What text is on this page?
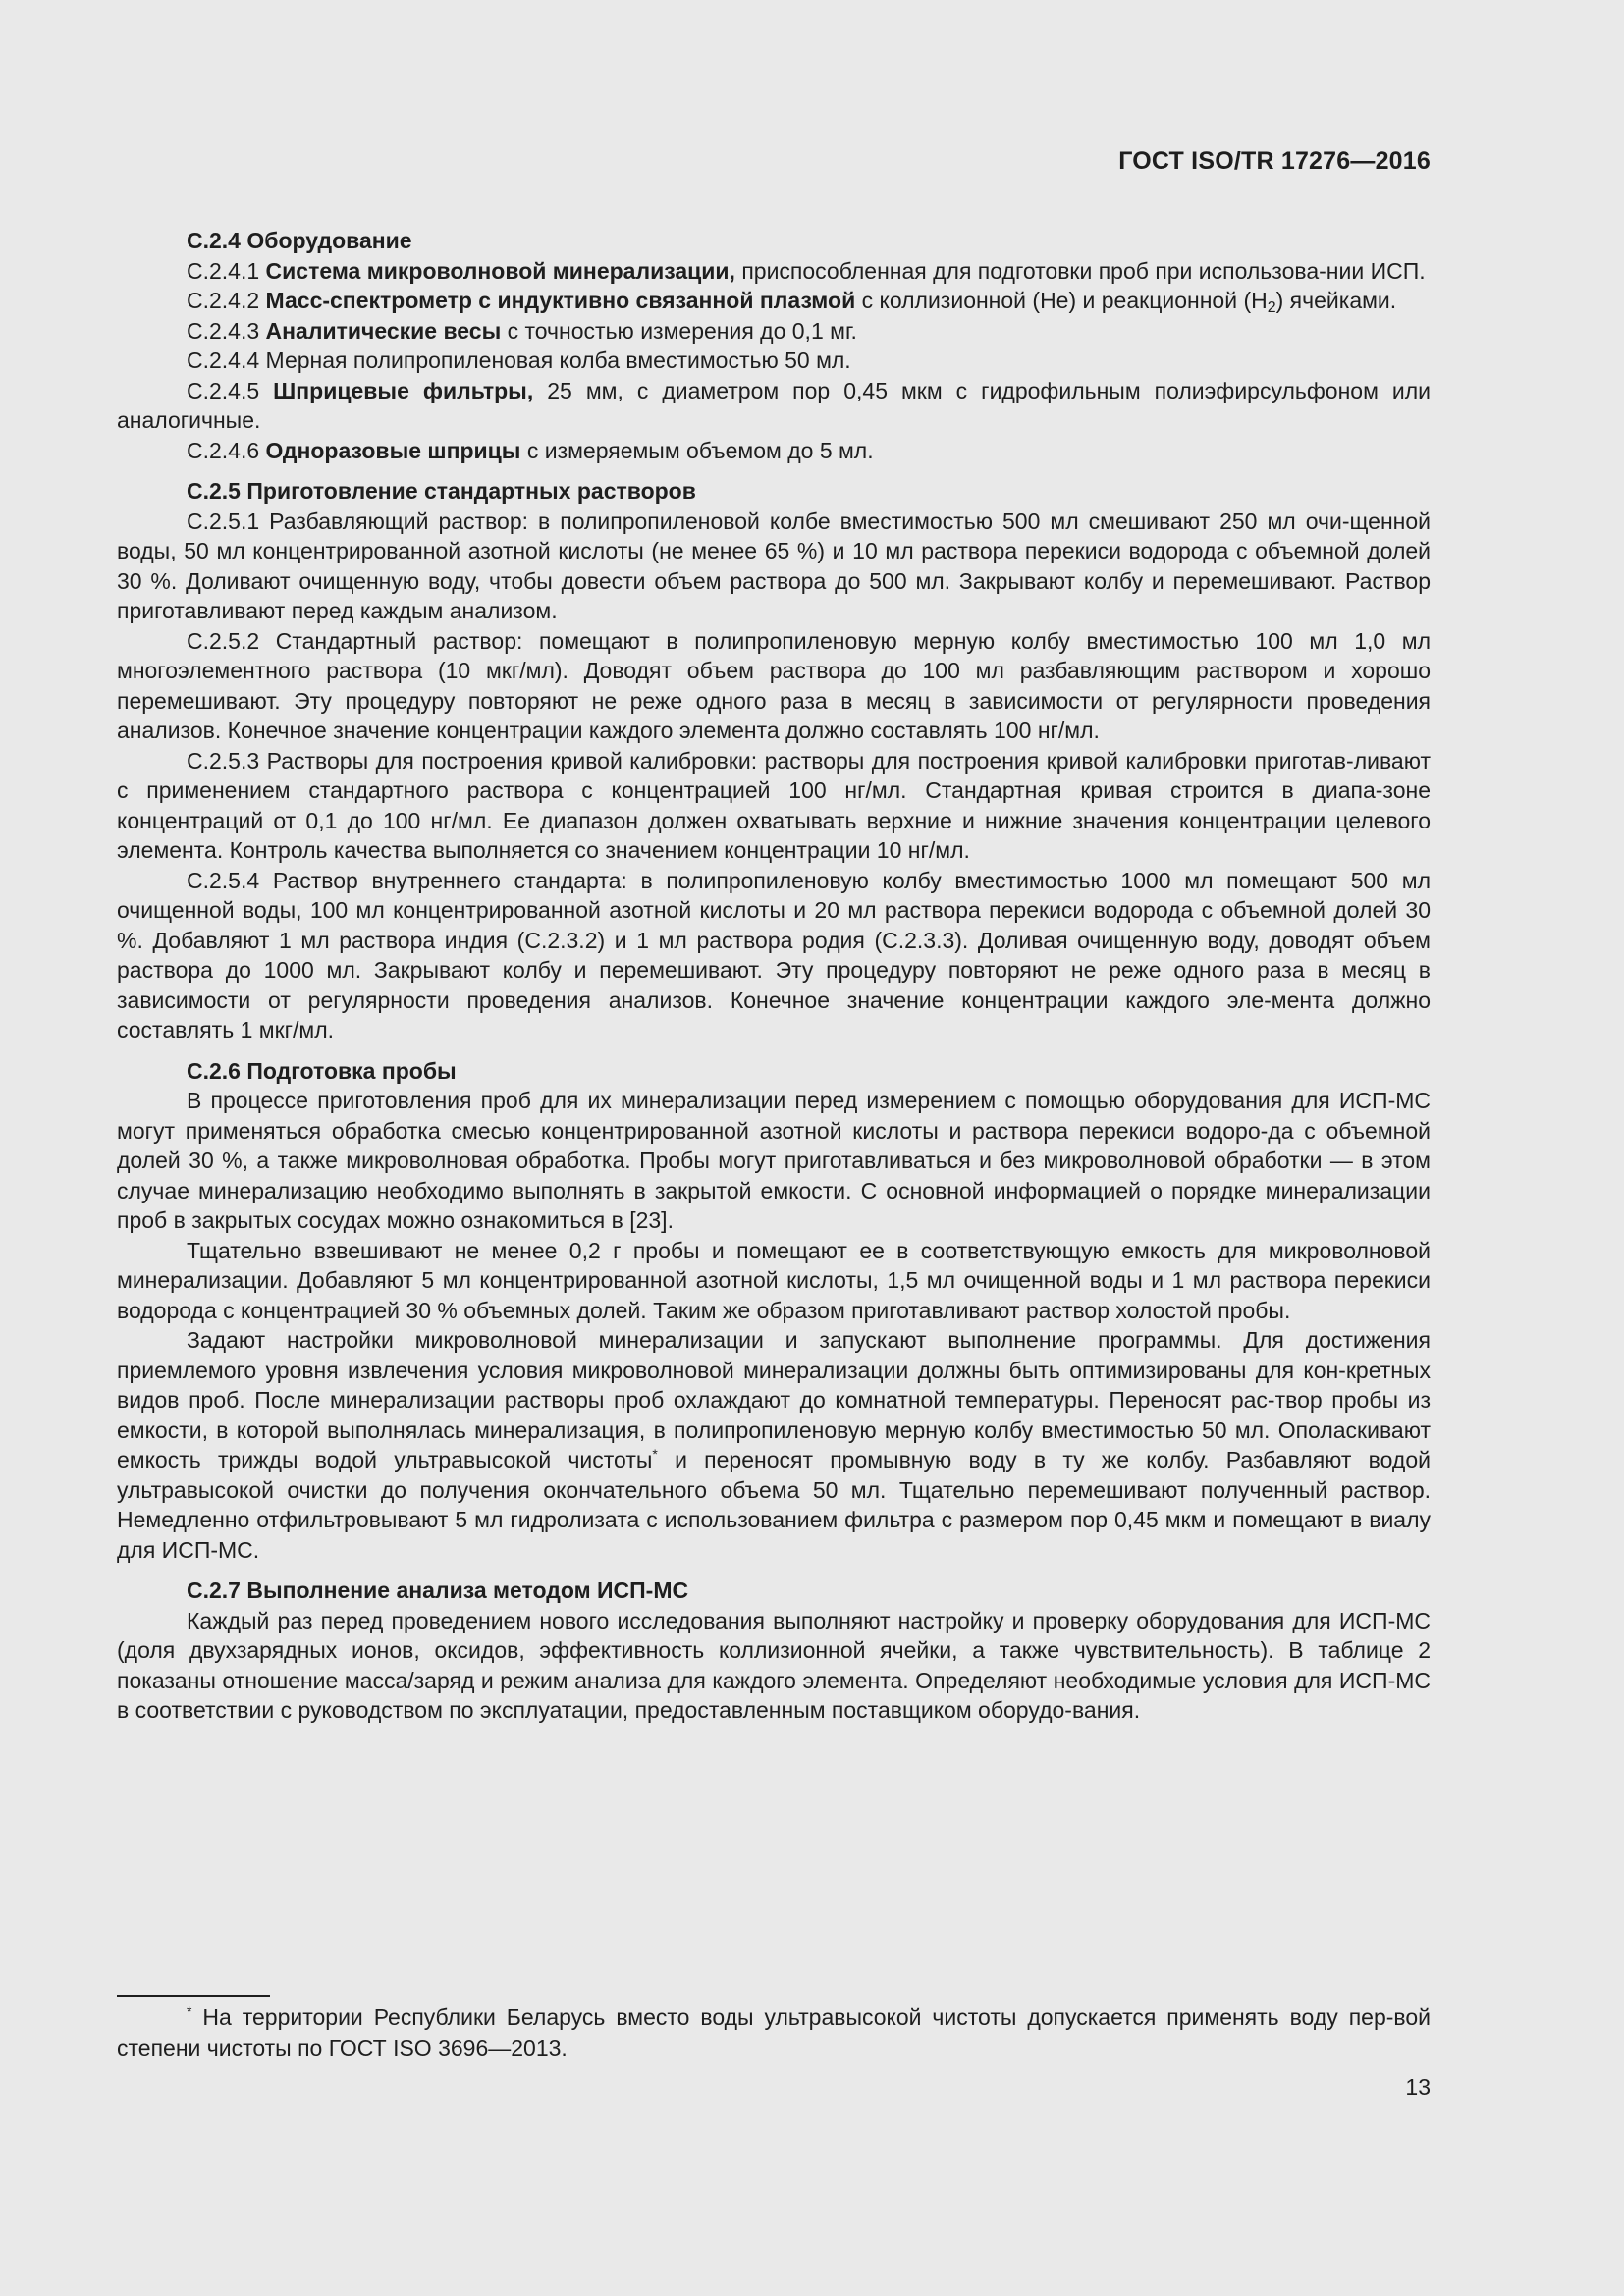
ГОСТ ISO/TR 17276—2016
C.2.4 Оборудование

C.2.4.1 Система микроволновой минерализации, приспособленная для подготовки проб при использова-нии ИСП.

C.2.4.2 Масс-спектрометр с индуктивно связанной плазмой с коллизионной (Не) и реакционной $(H_2)$ ячейками.

C.2.4.3 Аналитические весы с точностью измерения до 0,1 мг.

C.2.4.4 Мерная полипропиленовая колба вместимостью 50 мл.

C.2.4.5 Шприцевые фильтры, 25 мм, с диаметром пор 0,45 мкм с гидрофильным полиэфирсульфоном или аналогичные.

C.2.4.6 Одноразовые шприцы с измеряемым объемом до 5 мл.

C.2.5 Приготовление стандартных растворов

C.2.5.1 Разбавляющий раствор: в полипропиленовой колбе вместимостью 500 мл смешивают 250 мл очи-щенной воды, 50 мл концентрированной азотной кислоты (не менее 65 %) и 10 мл раствора перекиси водорода с объемной долей 30 %. Доливают очищенную воду, чтобы довести объем раствора до 500 мл. Закрывают колбу и перемешивают. Раствор приготавливают перед каждым анализом.

C.2.5.2 Стандартный раствор: помещают в полипропиленовую мерную колбу вместимостью 100 мл 1,0 мл многоэлементного раствора (10 мкг/мл). Доводят объем раствора до 100 мл разбавляющим раствором и хорошо перемешивают. Эту процедуру повторяют не реже одного раза в месяц в зависимости от регулярности проведения анализов. Конечное значение концентрации каждого элемента должно составлять 100 нг/мл.

C.2.5.3 Растворы для построения кривой калибровки: растворы для построения кривой калибровки приготав-ливают с применением стандартного раствора с концентрацией 100 нг/мл. Стандартная кривая строится в диапа-зоне концентраций от 0,1 до 100 нг/мл. Ее диапазон должен охватывать верхние и нижние значения концентрации целевого элемента. Контроль качества выполняется со значением концентрации 10 нг/мл.

C.2.5.4 Раствор внутреннего стандарта: в полипропиленовую колбу вместимостью 1000 мл помещают 500 мл очищенной воды, 100 мл концентрированной азотной кислоты и 20 мл раствора перекиси водорода с объемной долей 30 %. Добавляют 1 мл раствора индия (C.2.3.2) и 1 мл раствора родия (C.2.3.3). Доливая очищенную воду, доводят объем раствора до 1000 мл. Закрывают колбу и перемешивают. Эту процедуру повторяют не реже одного раза в месяц в зависимости от регулярности проведения анализов. Конечное значение концентрации каждого эле-мента должно составлять 1 мкг/мл.

C.2.6 Подготовка пробы

В процессе приготовления проб для их минерализации перед измерением с помощью оборудования для ИСП-МС могут применяться обработка смесью концентрированной азотной кислоты и раствора перекиси водоро-да с объемной долей 30 %, а также микроволновая обработка. Пробы могут приготавливаться и без микроволновой обработки — в этом случае минерализацию необходимо выполнять в закрытой емкости. С основной информацией о порядке минерализации проб в закрытых сосудах можно ознакомиться в [23].

Тщательно взвешивают не менее 0,2 г пробы и помещают ее в соответствующую емкость для микроволновой минерализации. Добавляют 5 мл концентрированной азотной кислоты, 1,5 мл очищенной воды и 1 мл раствора перекиси водорода с концентрацией 30 % объемных долей. Таким же образом приготавливают раствор холостой пробы.

Задают настройки микроволновой минерализации и запускают выполнение программы. Для достижения приемлемого уровня извлечения условия микроволновой минерализации должны быть оптимизированы для кон-кретных видов проб. После минерализации растворы проб охлаждают до комнатной температуры. Переносят рас-твор пробы из емкости, в которой выполнялась минерализация, в полипропиленовую мерную колбу вместимостью 50 мл. Ополаскивают емкость трижды водой ультравысокой чистоты* и переносят промывную воду в ту же колбу. Разбавляют водой ультравысокой очистки до получения окончательного объема 50 мл. Тщательно перемешивают полученный раствор. Немедленно отфильтровывают 5 мл гидролизата с использованием фильтра с размером пор 0,45 мкм и помещают в виалу для ИСП-МС.

C.2.7 Выполнение анализа методом ИСП-МС

Каждый раз перед проведением нового исследования выполняют настройку и проверку оборудования для ИСП-МС (доля двухзарядных ионов, оксидов, эффективность коллизионной ячейки, а также чувствительность). В таблице 2 показаны отношение масса/заряд и режим анализа для каждого элемента. Определяют необходимые условия для ИСП-МС в соответствии с руководством по эксплуатации, предоставленным поставщиком оборудо-вания.

* На территории Республики Беларусь вместо воды ультравысокой чистоты допускается применять воду пер-вой степени чистоты по ГОСТ ISO 3696—2013.

13
